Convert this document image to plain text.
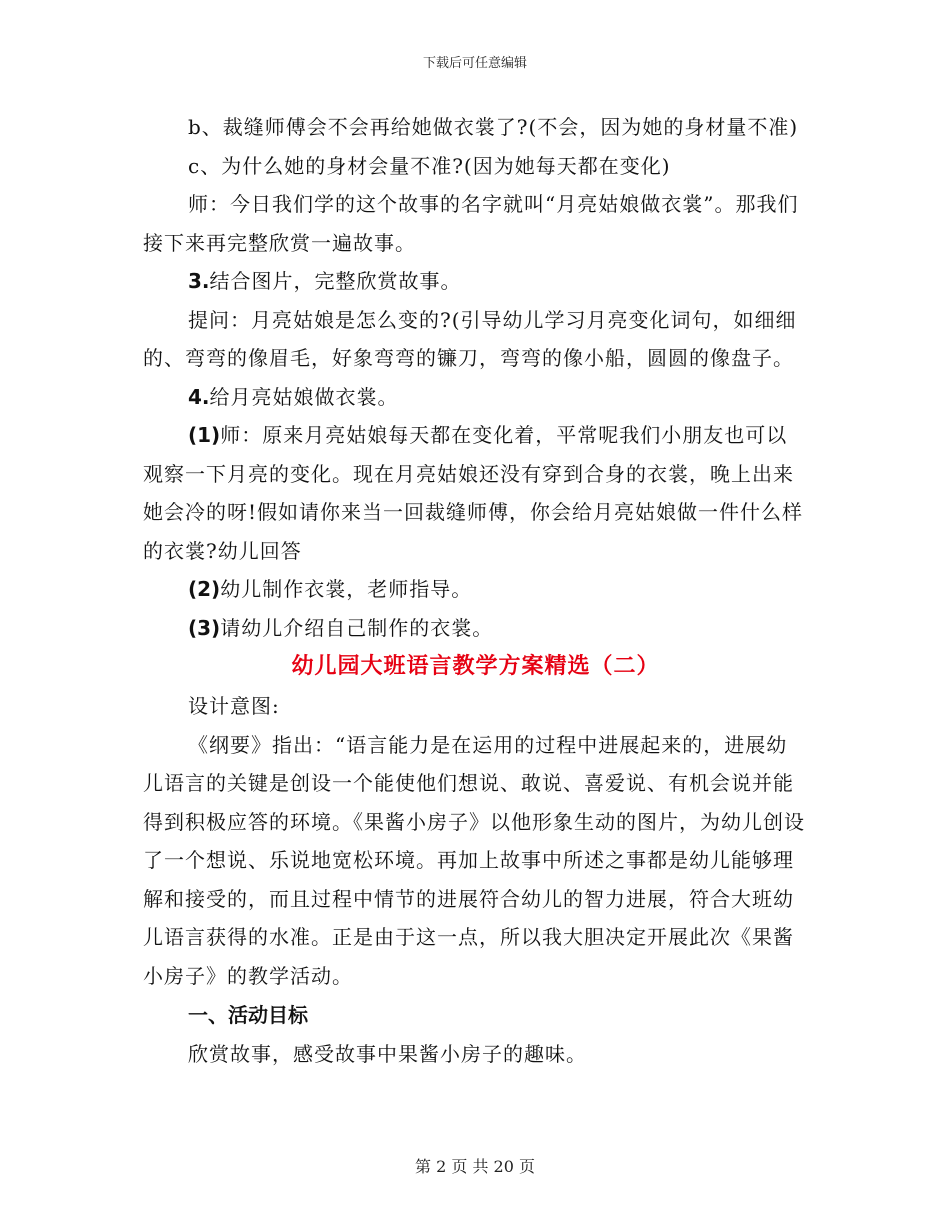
下载后可任意编辑

b、裁缝师傅会不会再给她做衣裳了?(不会，因为她的身材量不准)

c、为什么她的身材会量不准?(因为她每天都在变化)

师：今日我们学的这个故事的名字就叫“月亮姑娘做衣裳”。那我们接下来再完整欣赏一遍故事。

3.结合图片，完整欣赏故事。

提问：月亮姑娘是怎么变的?(引导幼儿学习月亮变化词句，如细细的、弯弯的像眉毛，好象弯弯的镰刀，弯弯的像小船，圆圆的像盘子。

4.给月亮姑娘做衣裳。

(1)师：原来月亮姑娘每天都在变化着，平常呢我们小朋友也可以观察一下月亮的变化。现在月亮姑娘还没有穿到合身的衣裳，晚上出来她会冷的呀!假如请你来当一回裁缝师傅，你会给月亮姑娘做一件什么样的衣裳?幼儿回答

(2)幼儿制作衣裳，老师指导。

(3)请幼儿介绍自己制作的衣裳。

幼儿园大班语言教学方案精选（二）

设计意图:

《纲要》指出：“语言能力是在运用的过程中进展起来的，进展幼儿语言的关键是创设一个能使他们想说、敢说、喜爱说、有机会说并能得到积极应答的环境。《果酱小房子》以他形象生动的图片，为幼儿创设了一个想说、乐说地宽松环境。再加上故事中所述之事都是幼儿能够理解和接受的，而且过程中情节的进展符合幼儿的智力进展，符合大班幼儿语言获得的水准。正是由于这一点，所以我大胆决定开展此次《果酱小房子》的教学活动。

一、活动目标

欣赏故事，感受故事中果酱小房子的趣味。

第 2 页 共 20 页
